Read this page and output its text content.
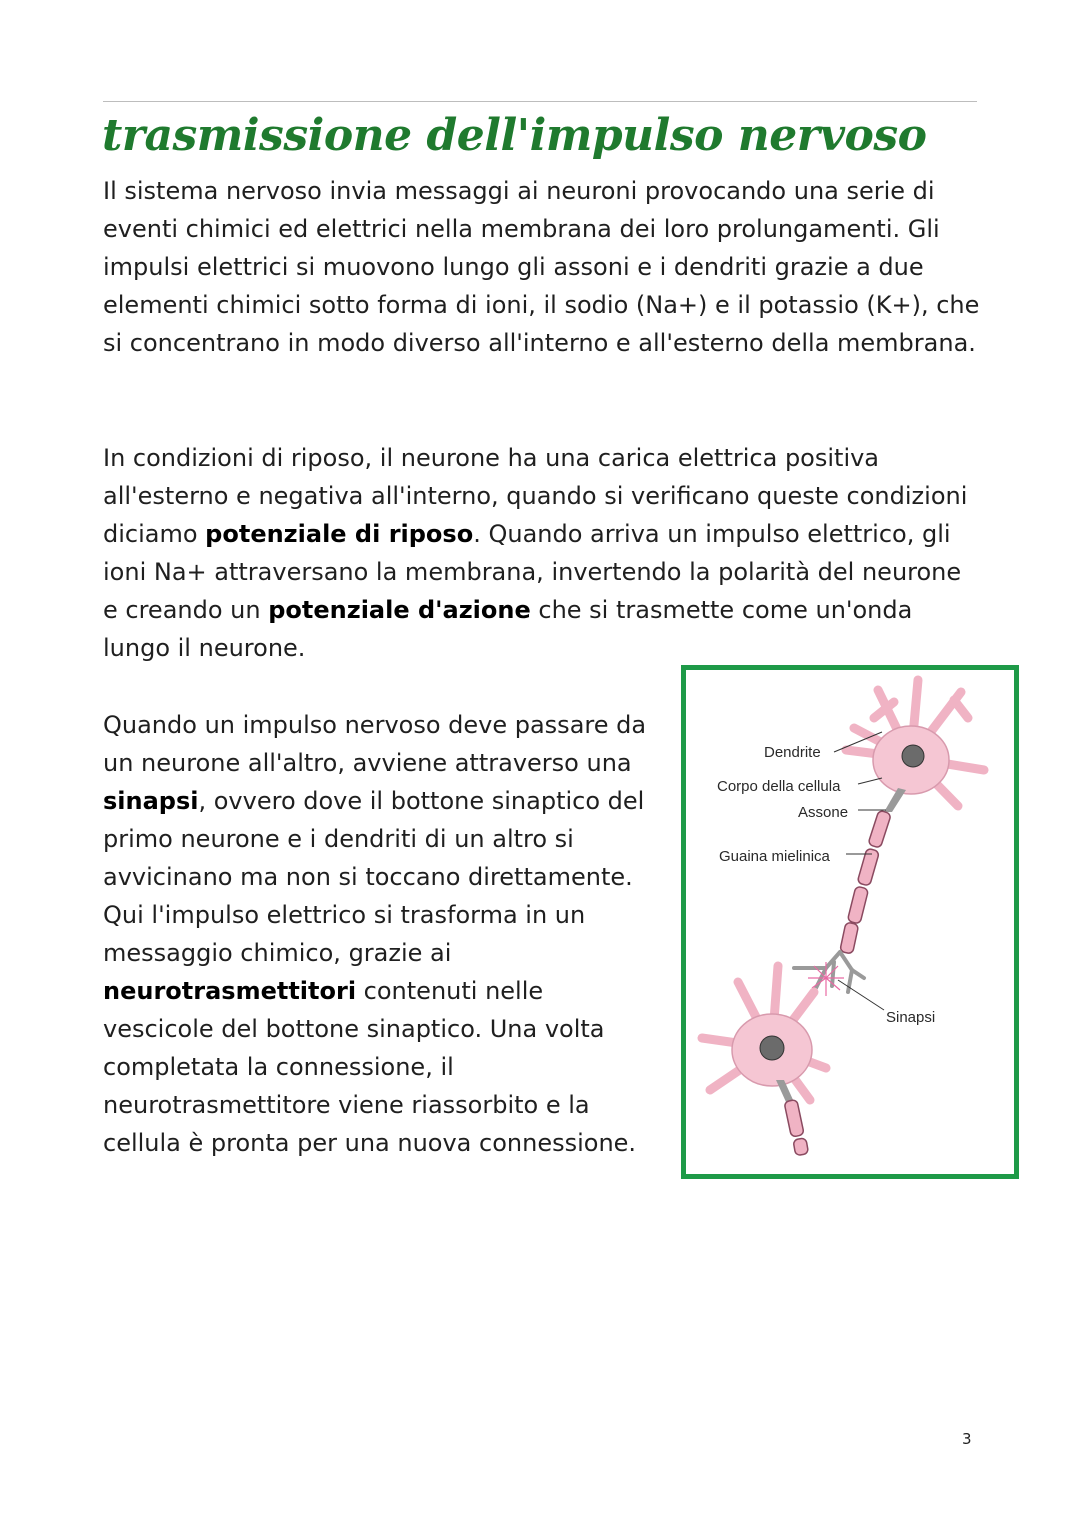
trasmissione dell'impulso nervoso

Il sistema nervoso invia messaggi ai neuroni provocando una serie di eventi chimici ed elettrici nella membrana dei loro prolungamenti. Gli impulsi elettrici si muovono lungo gli assoni e i dendriti grazie a due elementi chimici sotto forma di ioni, il sodio (Na+) e il potassio (K+), che si concentrano in modo diverso all'interno e all'esterno della membrana.

In condizioni di riposo, il neurone ha una carica elettrica positiva all'esterno e negativa all'interno, quando si verificano queste condizioni diciamo potenziale di riposo. Quando arriva un impulso elettrico, gli ioni Na+ attraversano la membrana, invertendo la polarità del neurone e creando un potenziale d'azione che si trasmette come un'onda lungo il neurone.

Quando un impulso nervoso deve passare da un neurone all'altro, avviene attraverso una sinapsi, ovvero dove il bottone sinaptico del primo neurone e i dendriti di un altro si avvicinano ma non si toccano direttamente. Qui l'impulso elettrico si trasforma in un messaggio chimico, grazie ai neurotrasmettitori contenuti nelle vescicole del bottone sinaptico. Una volta completata la connessione, il neurotrasmettitore viene riassorbito e la cellula è pronta per una nuova connessione.

Dendrite
Corpo della cellula
Assone
Guaina mielinica
Sinapsi
3
